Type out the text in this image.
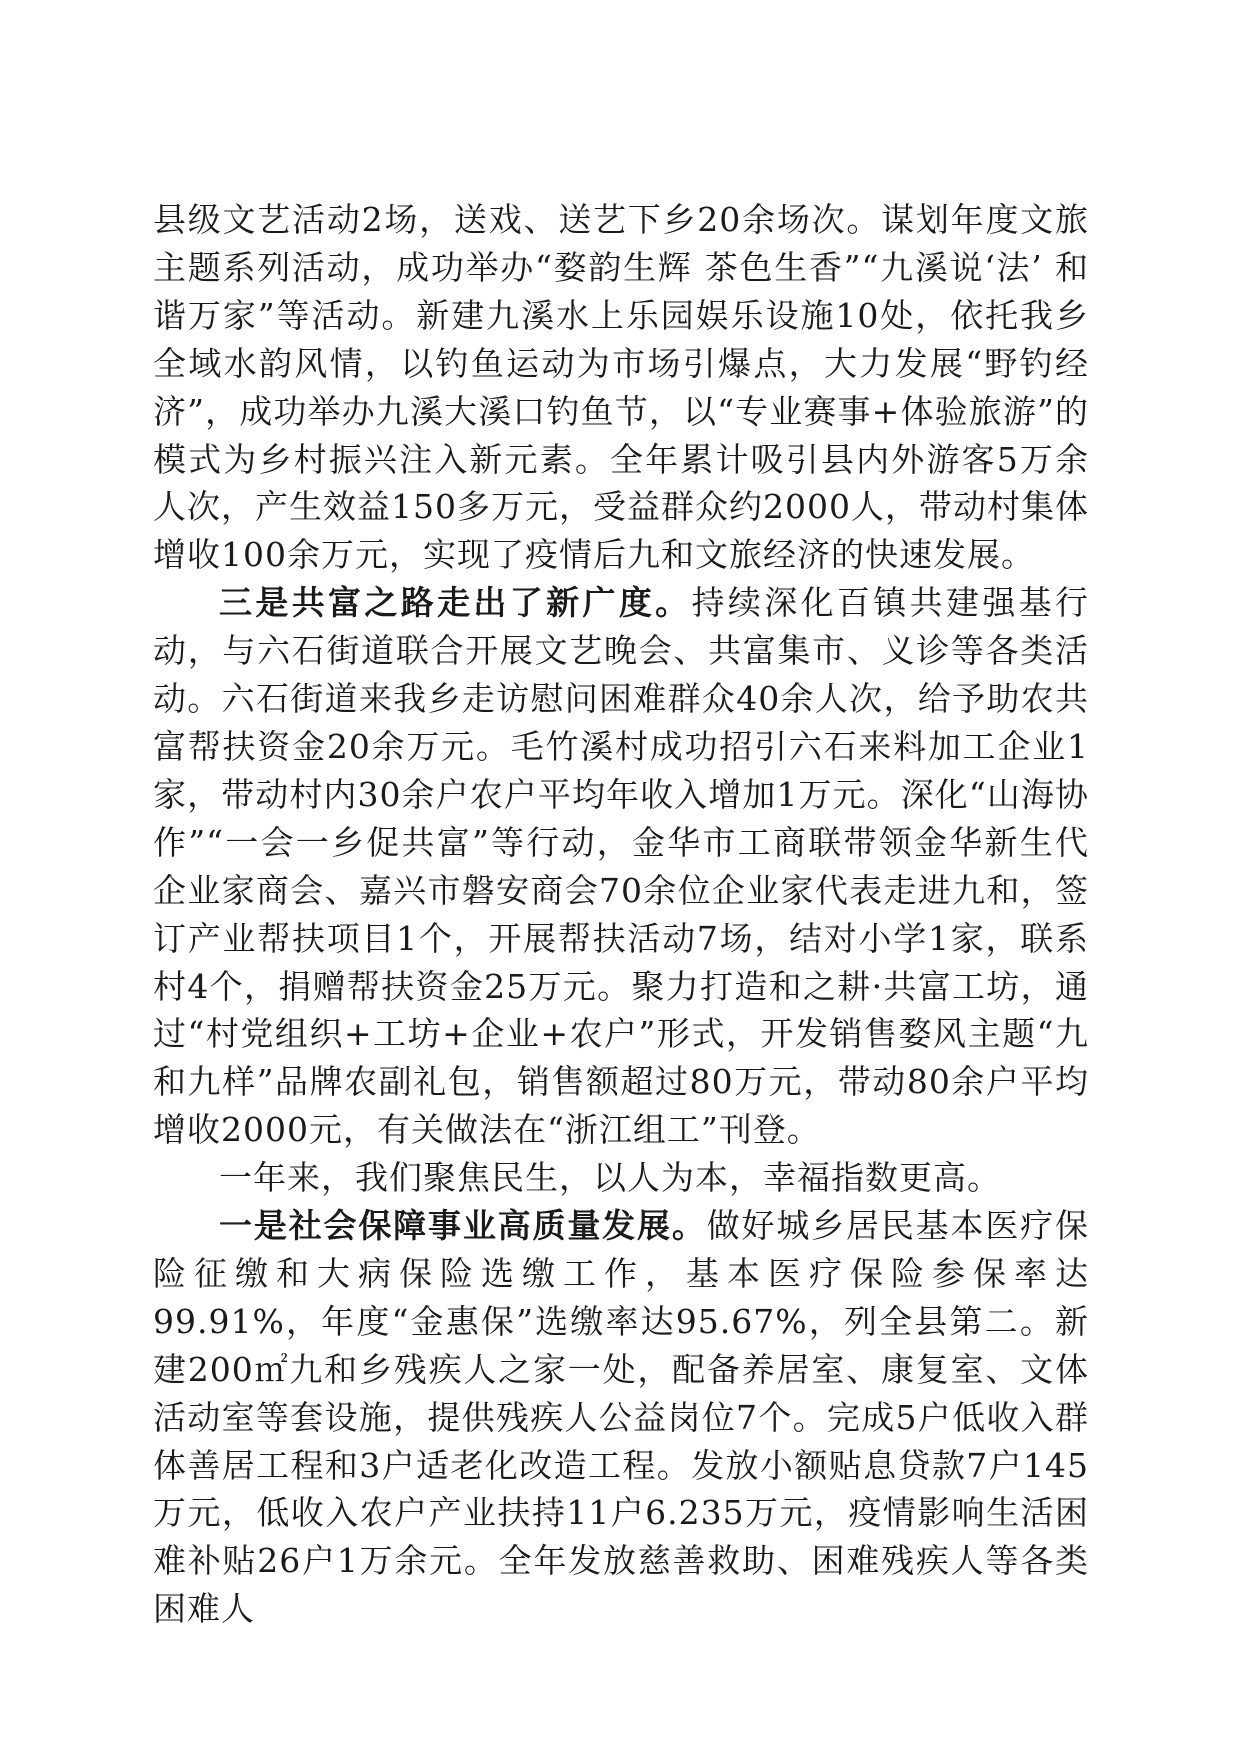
县级文艺活动2场，送戏、送艺下乡20余场次。谋划年度文旅主题系列活动，成功举办“婺韵生辉 茶色生香”“九溪说‘法’ 和谐万家”等活动。新建九溪水上乐园娱乐设施10处，依托我乡全域水韵风情，以钓鱼运动为市场引爆点，大力发展“野钓经济”，成功举办九溪大溪口钓鱼节，以“专业赛事+体验旅游”的模式为乡村振兴注入新元素。全年累计吸引县内外游客5万余人次，产生效益150多万元，受益群众约2000人，带动村集体增收100余万元，实现了疫情后九和文旅经济的快速发展。

三是共富之路走出了新广度。持续深化百镇共建强基行动，与六石街道联合开展文艺晚会、共富集市、义诊等各类活动。六石街道来我乡走访慰问困难群众40余人次，给予助农共富帮扶资金20余万元。毛竹溪村成功招引六石来料加工企业1家，带动村内30余户农户平均年收入增加1万元。深化“山海协作”“一会一乡促共富”等行动，金华市工商联带领金华新生代企业家商会、嘉兴市磐安商会70余位企业家代表走进九和，签订产业帮扶项目1个，开展帮扶活动7场，结对小学1家，联系村4个，捐赠帮扶资金25万元。聚力打造和之耕·共富工坊，通过“村党组织+工坊+企业+农户”形式，开发销售婺风主题“九和九样”品牌农副礼包，销售额超过80万元，带动80余户平均增收2000元，有关做法在“浙江组工”刊登。

一年来，我们聚焦民生，以人为本，幸福指数更高。

一是社会保障事业高质量发展。做好城乡居民基本医疗保险征缴和大病保险选缴工作，基本医疗保险参保率达99.91%，年度“金惠保”选缴率达95.67%，列全县第二。新建200㎡九和乡残疾人之家一处，配备养居室、康复室、文体活动室等套设施，提供残疾人公益岗位7个。完成5户低收入群体善居工程和3户适老化改造工程。发放小额贴息贷款7户145万元，低收入农户产业扶持11户6.235万元，疫情影响生活困难补贴26户1万余元。全年发放慈善救助、困难残疾人等各类困难人
